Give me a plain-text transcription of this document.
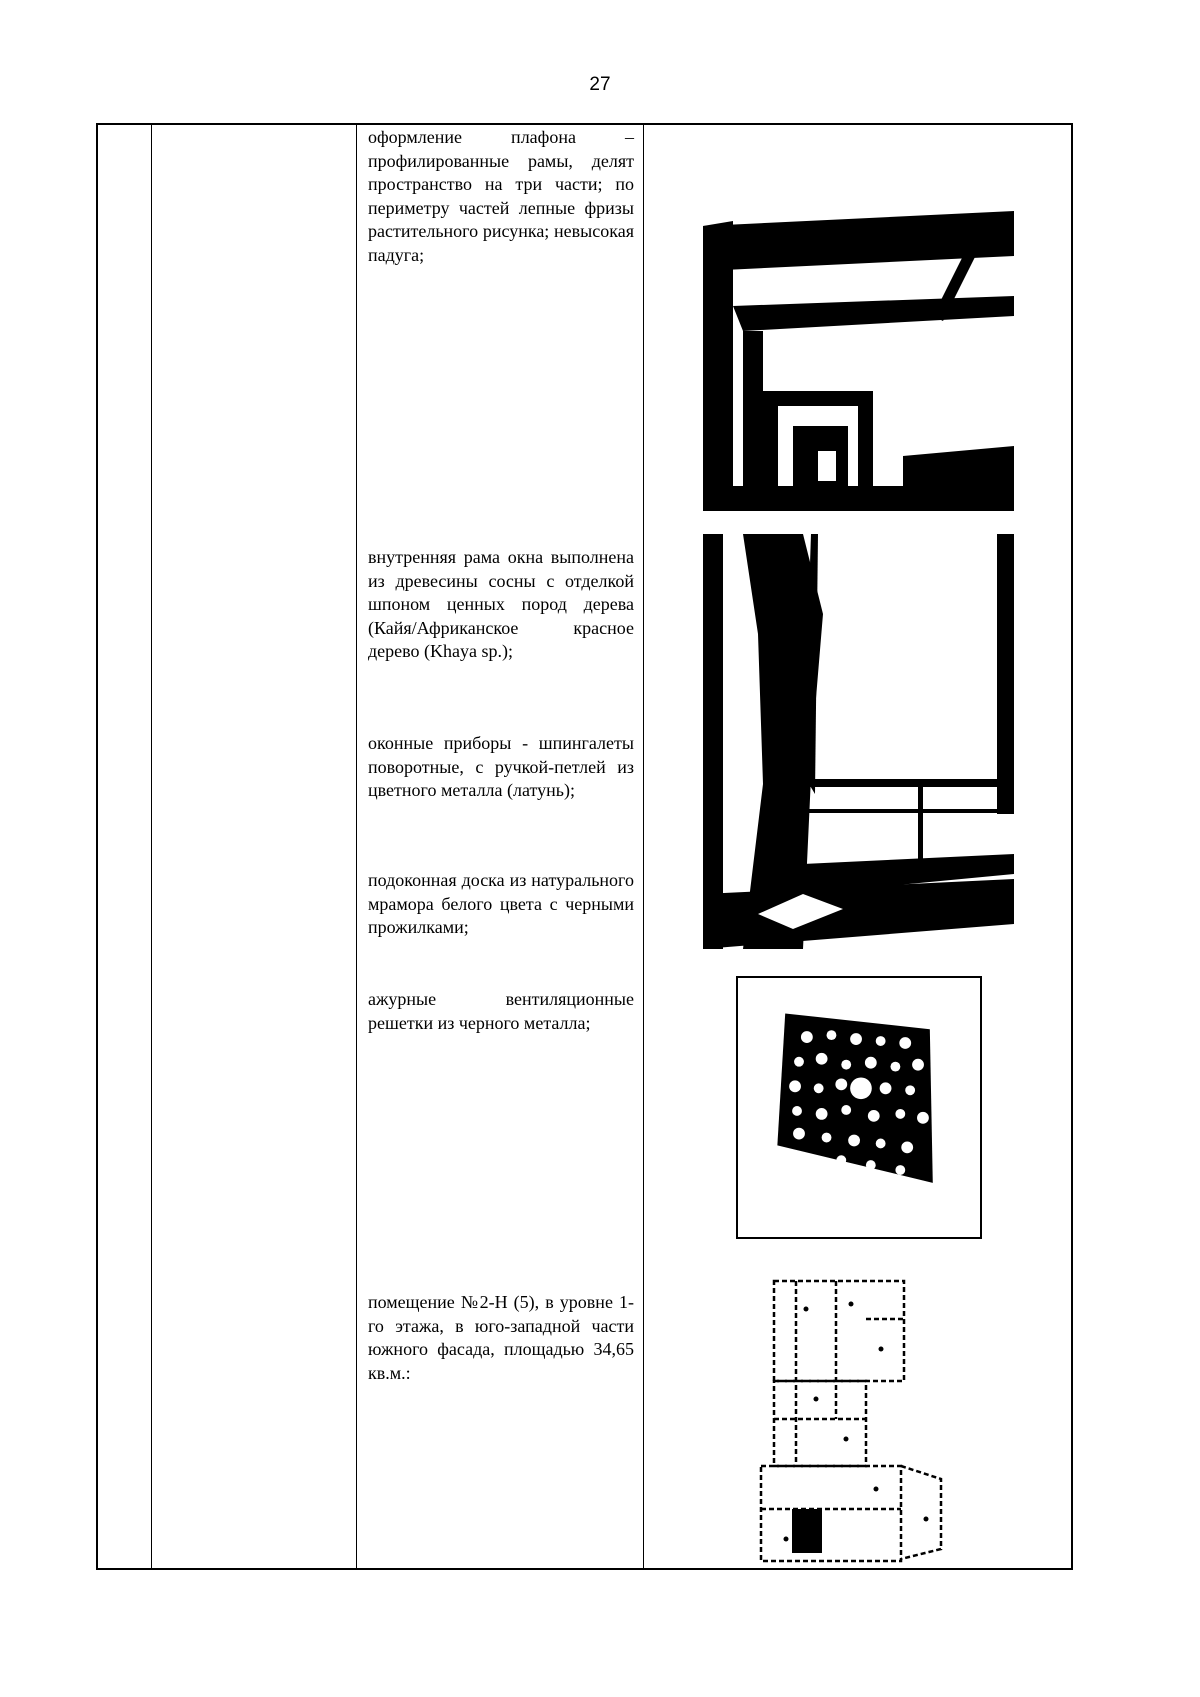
27
оформление плафона – профилированные рамы, делят пространство на три части; по периметру частей лепные фризы растительного рисунка; невысокая падуга;
внутренняя рама окна выполнена из древесины сосны с отделкой шпоном ценных пород дерева (Кайя/Африканское красное дерево (Khaya sp.);
оконные приборы - шпингалеты поворотные, с ручкой-петлей из цветного металла (латунь);
подоконная доска из натурального мрамора белого цвета с черными прожилками;
ажурные вентиляционные решетки из черного металла;
помещение №2-Н (5), в уровне 1-го этажа, в юго-западной части южного фасада, площадью 34,65 кв.м.:
